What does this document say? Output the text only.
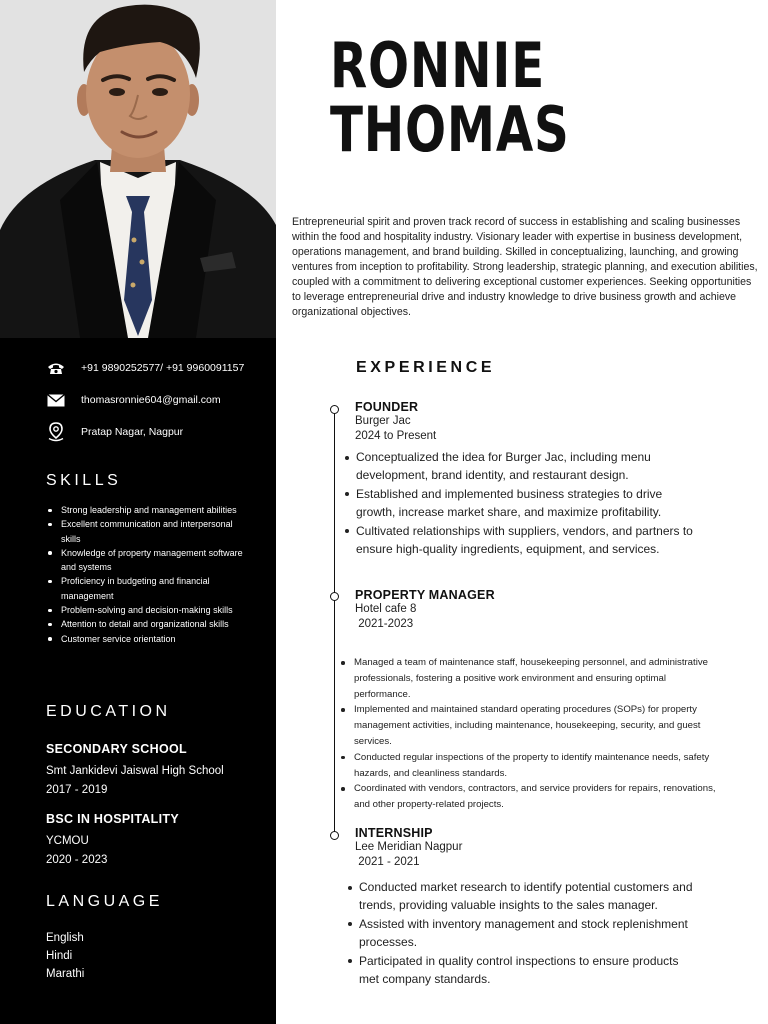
+91 9890252577/ +91 9960091157
thomasronnie604@gmail.com
Pratap Nagar, Nagpur
SKILLS
Strong leadership and management abilities
Excellent communication and interpersonal skills
Knowledge of property management software and systems
Proficiency in budgeting and financial management
Problem-solving and decision-making skills
Attention to detail and organizational skills
Customer service orientation
EDUCATION
SECONDARY SCHOOL
Smt Jankidevi Jaiswal High School
2017 - 2019
BSC IN HOSPITALITY
YCMOU
2020 - 2023
LANGUAGE
English
Hindi
Marathi
RONNIE
THOMAS

Entrepreneurial spirit and proven track record of success in establishing and scaling businesses within the food and hospitality industry. Visionary leader with expertise in business development, operations management, and brand building. Skilled in conceptualizing, launching, and growing ventures from inception to profitability. Strong leadership, strategic planning, and execution abilities, coupled with a commitment to delivering exceptional customer experiences. Seeking opportunities to leverage entrepreneurial drive and industry knowledge to drive business growth and achieve organizational objectives.

EXPERIENCE
FOUNDER
Burger Jac
2024 to Present
Conceptualized the idea for Burger Jac, including menu development, brand identity, and restaurant design.
Established and implemented business strategies to drive growth, increase market share, and maximize profitability.
Cultivated relationships with suppliers, vendors, and partners to ensure high-quality ingredients, equipment, and services.
PROPERTY MANAGER
Hotel cafe 8
2021-2023
Managed a team of maintenance staff, housekeeping personnel, and administrative professionals, fostering a positive work environment and ensuring optimal performance.
Implemented and maintained standard operating procedures (SOPs) for property management activities, including maintenance, housekeeping, security, and guest services.
Conducted regular inspections of the property to identify maintenance needs, safety hazards, and cleanliness standards.
Coordinated with vendors, contractors, and service providers for repairs, renovations, and other property-related projects.
INTERNSHIP
Lee Meridian Nagpur
2021 - 2021
Conducted market research to identify potential customers and trends, providing valuable insights to the sales manager.
Assisted with inventory management and stock replenishment processes.
Participated in quality control inspections to ensure products met company standards.
